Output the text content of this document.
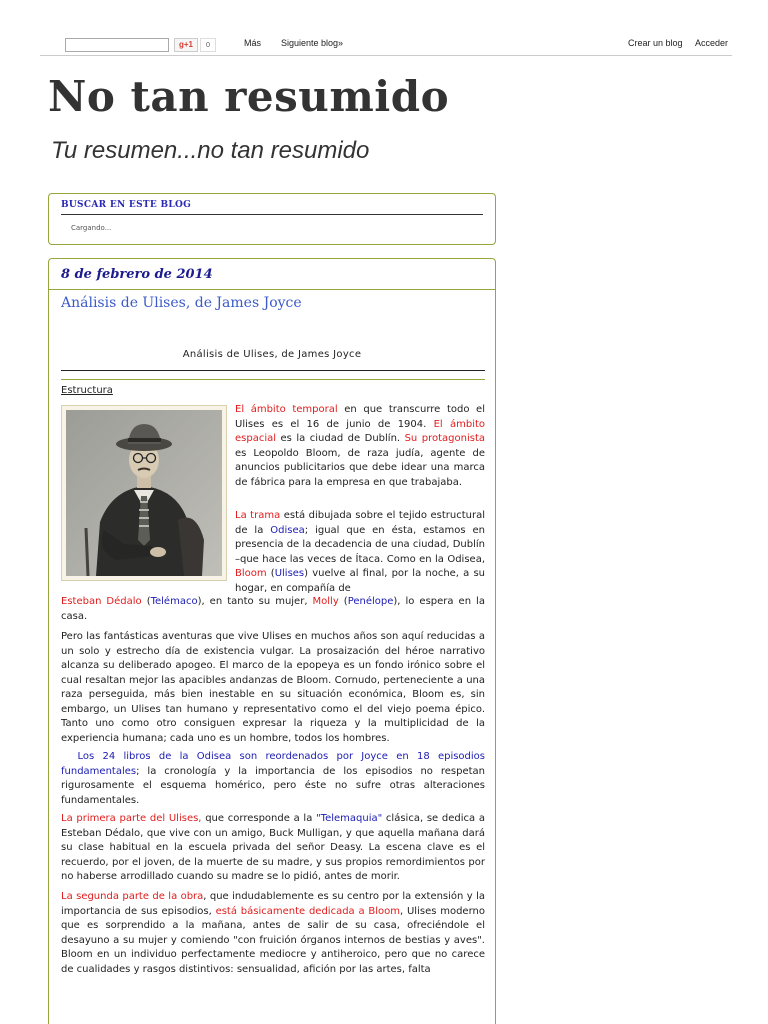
g+1	0	Más Siguiente blog»	Crear un blog Acceder
No tan resumido
Tu resumen...no tan resumido
BUSCAR EN ESTE BLOG
Cargando...
8 de febrero de 2014
Análisis de Ulises, de James Joyce
Análisis de Ulises, de James Joyce
Estructura
El ámbito temporal en que transcurre todo el Ulises es el 16 de junio de 1904. El ámbito espacial es la ciudad de Dublín. Su protagonista es Leopoldo Bloom, de raza judía, agente de anuncios publicitarios que debe idear una marca de fábrica para la empresa en que trabajaba.
La trama está dibujada sobre el tejido estructural de la Odisea; igual que en ésta, estamos en presencia de la decadencia de una ciudad, Dublín –que hace las veces de Ítaca. Como en la Odisea, Bloom (Ulises) vuelve al final, por la noche, a su hogar, en compañía de
Esteban Dédalo (Telémaco), en tanto su mujer, Molly (Penélope), lo espera en la casa.
Pero las fantásticas aventuras que vive Ulises en muchos años son aquí reducidas a un solo y estrecho día de existencia vulgar. La prosaización del héroe narrativo alcanza su deliberado apogeo. El marco de la epopeya es un fondo irónico sobre el cual resaltan mejor las apacibles andanzas de Bloom. Cornudo, perteneciente a una raza perseguida, más bien inestable en su situación económica, Bloom es, sin embargo, un Ulises tan humano y representativo como el del viejo poema épico. Tanto uno como otro consiguen expresar la riqueza y la multiplicidad de la experiencia humana; cada uno es un hombre, todos los hombres.
Los 24 libros de la Odisea son reordenados por Joyce en 18 episodios fundamentales; la cronología y la importancia de los episodios no respetan rigurosamente el esquema homérico, pero éste no sufre otras alteraciones fundamentales.
La primera parte del Ulises, que corresponde a la "Telemaquia" clásica, se dedica a Esteban Dédalo, que vive con un amigo, Buck Mulligan, y que aquella mañana dará su clase habitual en la escuela privada del señor Deasy. La escena clave es el recuerdo, por el joven, de la muerte de su madre, y sus propios remordimientos por no haberse arrodillado cuando su madre se lo pidió, antes de morir.
La segunda parte de la obra, que indudablemente es su centro por la extensión y la importancia de sus episodios, está básicamente dedicada a Bloom, Ulises moderno que es sorprendido a la mañana, antes de salir de su casa, ofreciéndole el desayuno a su mujer y comiendo "con fruición órganos internos de bestias y aves". Bloom en un individuo perfectamente mediocre y antiheroico, pero que no carece de cualidades y rasgos distintivos: sensualidad, afición por las artes, falta
